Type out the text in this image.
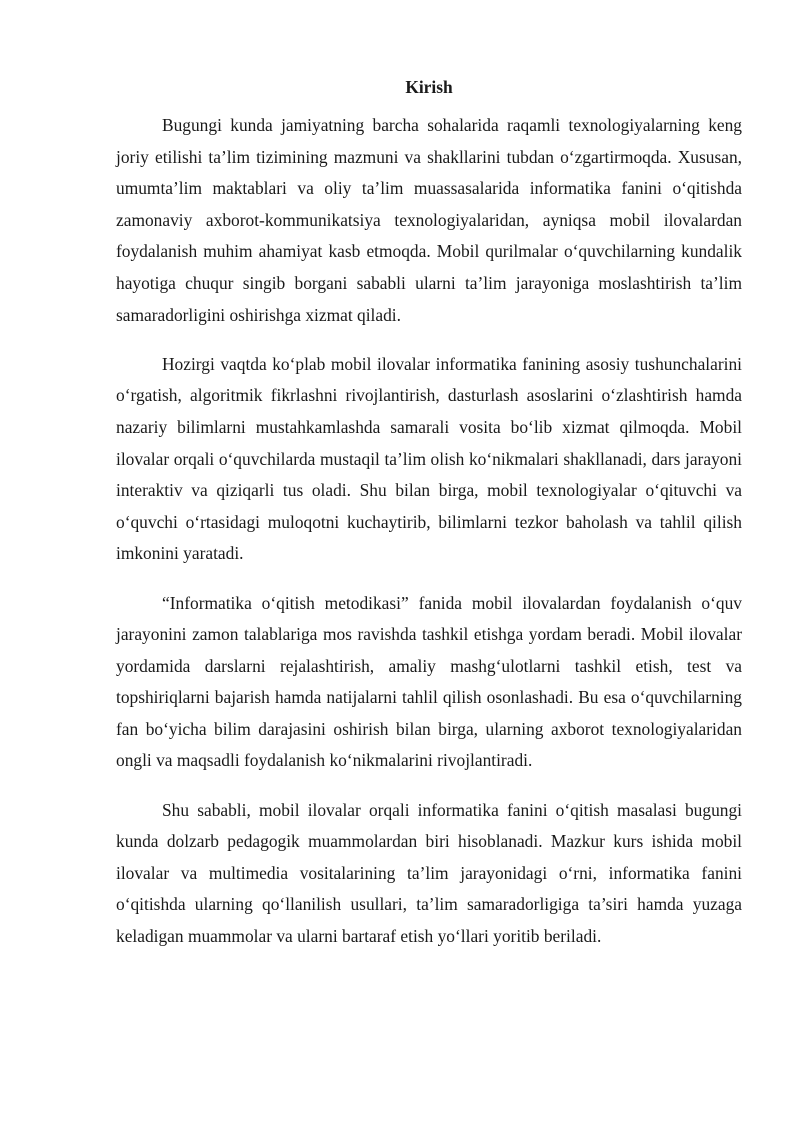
Kirish

Bugungi kunda jamiyatning barcha sohalarida raqamli texnologiyalarning keng joriy etilishi ta’lim tizimining mazmuni va shakllarini tubdan o‘zgartirmoqda. Xususan, umumta’lim maktablari va oliy ta’lim muassasalarida informatika fanini o‘qitishda zamonaviy axborot-kommunikatsiya texnologiyalaridan, ayniqsa mobil ilovalardan foydalanish muhim ahamiyat kasb etmoqda. Mobil qurilmalar o‘quvchilarning kundalik hayotiga chuqur singib borgani sababli ularni ta’lim jarayoniga moslashtirish ta’lim samaradorligini oshirishga xizmat qiladi.

Hozirgi vaqtda ko‘plab mobil ilovalar informatika fanining asosiy tushunchalarini o‘rgatish, algoritmik fikrlashni rivojlantirish, dasturlash asoslarini o‘zlashtirish hamda nazariy bilimlarni mustahkamlashda samarali vosita bo‘lib xizmat qilmoqda. Mobil ilovalar orqali o‘quvchilarda mustaqil ta’lim olish ko‘nikmalari shakllanadi, dars jarayoni interaktiv va qiziqarli tus oladi. Shu bilan birga, mobil texnologiyalar o‘qituvchi va o‘quvchi o‘rtasidagi muloqotni kuchaytirib, bilimlarni tezkor baholash va tahlil qilish imkonini yaratadi.

“Informatika o‘qitish metodikasi” fanida mobil ilovalardan foydalanish o‘quv jarayonini zamon talablariga mos ravishda tashkil etishga yordam beradi. Mobil ilovalar yordamida darslarni rejalashtirish, amaliy mashg‘ulotlarni tashkil etish, test va topshiriqlarni bajarish hamda natijalarni tahlil qilish osonlashadi. Bu esa o‘quvchilarning fan bo‘yicha bilim darajasini oshirish bilan birga, ularning axborot texnologiyalaridan ongli va maqsadli foydalanish ko‘nikmalarini rivojlantiradi.

Shu sababli, mobil ilovalar orqali informatika fanini o‘qitish masalasi bugungi kunda dolzarb pedagogik muammolardan biri hisoblanadi. Mazkur kurs ishida mobil ilovalar va multimedia vositalarining ta’lim jarayonidagi o‘rni, informatika fanini o‘qitishda ularning qo‘llanilish usullari, ta’lim samaradorligiga ta’siri hamda yuzaga keladigan muammolar va ularni bartaraf etish yo‘llari yoritib beriladi.
